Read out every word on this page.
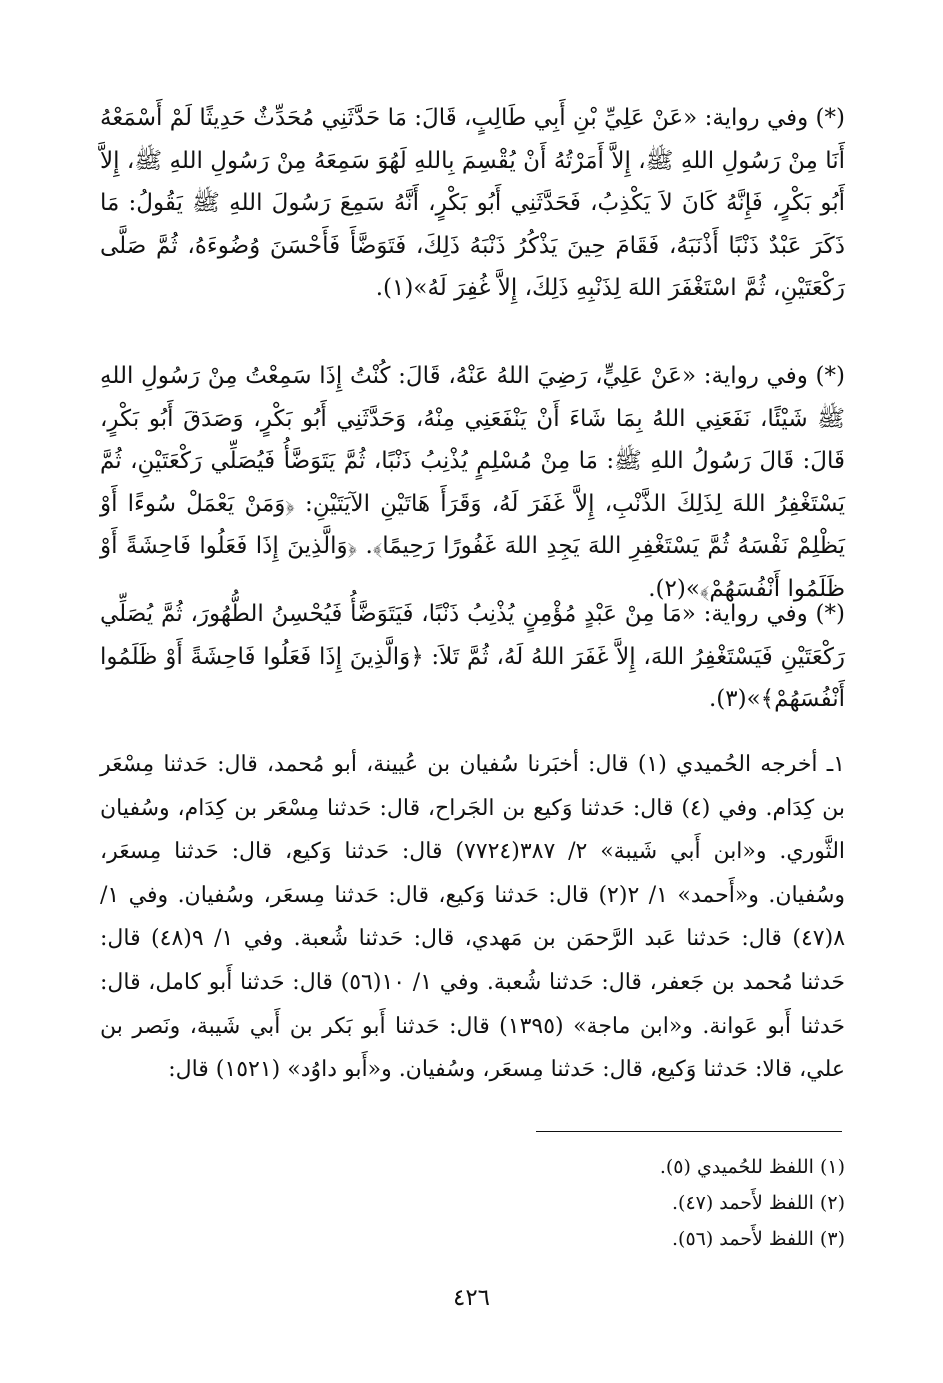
(*) وفي رواية: «عَنْ عَلِيِّ بْنِ أَبِي طَالِبٍ، قَالَ: مَا حَدَّثَنِي مُحَدِّثٌ حَدِيثًا لَمْ أَسْمَعْهُ أَنَا مِنْ رَسُولِ اللهِ ﷺ، إِلاَّ أَمَرْتُهُ أَنْ يُقْسِمَ بِاللهِ لَهُوَ سَمِعَهُ مِنْ رَسُولِ اللهِ ﷺ، إِلاَّ أَبُو بَكْرٍ، فَإِنَّهُ كَانَ لاَ يَكْذِبُ، فَحَدَّثَنِي أَبُو بَكْرٍ، أَنَّهُ سَمِعَ رَسُولَ اللهِ ﷺ يَقُولُ: مَا ذَكَرَ عَبْدٌ ذَنْبًا أَذْنَبَهُ، فَقَامَ حِينَ يَذْكُرُ ذَنْبَهُ ذَلِكَ، فَتَوَضَّأَ فَأَحْسَنَ وُضُوءَهُ، ثُمَّ صَلَّى رَكْعَتَيْنِ، ثُمَّ اسْتَغْفَرَ اللهَ لِذَنْبِهِ ذَلِكَ، إِلاَّ غُفِرَ لَهُ»(١).

(*) وفي رواية: «عَنْ عَلِيٍّ، رَضِيَ اللهُ عَنْهُ، قَالَ: كُنْتُ إِذَا سَمِعْتُ مِنْ رَسُولِ اللهِ ﷺ شَيْئًا، نَفَعَنِي اللهُ بِمَا شَاءَ أَنْ يَنْفَعَنِي مِنْهُ، وَحَدَّثَنِي أَبُو بَكْرٍ، وَصَدَقَ أَبُو بَكْرٍ، قَالَ: قَالَ رَسُولُ اللهِ ﷺ: مَا مِنْ مُسْلِمٍ يُذْنِبُ ذَنْبًا، ثُمَّ يَتَوَضَّأُ فَيُصَلِّي رَكْعَتَيْنِ، ثُمَّ يَسْتَغْفِرُ اللهَ لِذَلِكَ الذَّنْبِ، إِلاَّ غَفَرَ لَهُ، وَقَرَأَ هَاتَيْنِ الآيَتَيْنِ: ﴿وَمَنْ يَعْمَلْ سُوءًا أَوْ يَظْلِمْ نَفْسَهُ ثُمَّ يَسْتَغْفِرِ اللهَ يَجِدِ اللهَ غَفُورًا رَحِيمًا﴾. ﴿وَالَّذِينَ إِذَا فَعَلُوا فَاحِشَةً أَوْ ظَلَمُوا أَنْفُسَهُمْ﴾»(٢).

(*) وفي رواية: «مَا مِنْ عَبْدٍ مُؤْمِنٍ يُذْنِبُ ذَنْبًا، فَيَتَوَضَّأُ فَيُحْسِنُ الطُّهُورَ، ثُمَّ يُصَلِّي رَكْعَتَيْنِ فَيَسْتَغْفِرُ اللهَ، إِلاَّ غَفَرَ اللهُ لَهُ، ثُمَّ تَلاَ: ﴿وَالَّذِينَ إِذَا فَعَلُوا فَاحِشَةً أَوْ ظَلَمُوا أَنْفُسَهُمْ﴾»(٣).

١ـ أخرجه الحُميدي (١) قال: أخبَرنا سُفيان بن عُيينة، أبو مُحمد، قال: حَدثنا مِسْعَر بن كِدَام. وفي (٤) قال: حَدثنا وَكيع بن الجَراح، قال: حَدثنا مِسْعَر بن كِدَام، وسُفيان الثَّوري. و«ابن أَبي شَيبة» ٢/ ٣٨٧(٧٧٢٤) قال: حَدثنا وَكيع، قال: حَدثنا مِسعَر، وسُفيان. و«أَحمد» ١/ ٢(٢) قال: حَدثنا وَكيع، قال: حَدثنا مِسعَر، وسُفيان. وفي ١/ ٨(٤٧) قال: حَدثنا عَبد الرَّحمَن بن مَهدي، قال: حَدثنا شُعبة. وفي ١/ ٩(٤٨) قال: حَدثنا مُحمد بن جَعفر، قال: حَدثنا شُعبة. وفي ١/ ١٠(٥٦) قال: حَدثنا أَبو كامل، قال: حَدثنا أَبو عَوانة. و«ابن ماجة» (١٣٩٥) قال: حَدثنا أَبو بَكر بن أَبي شَيبة، ونَصر بن علي، قالا: حَدثنا وَكيع، قال: حَدثنا مِسعَر، وسُفيان. و«أَبو داوُد» (١٥٢١) قال:

(١) اللفظ للحُميدي (٥).
(٢) اللفظ لأَحمد (٤٧).
(٣) اللفظ لأَحمد (٥٦).
٤٢٦
